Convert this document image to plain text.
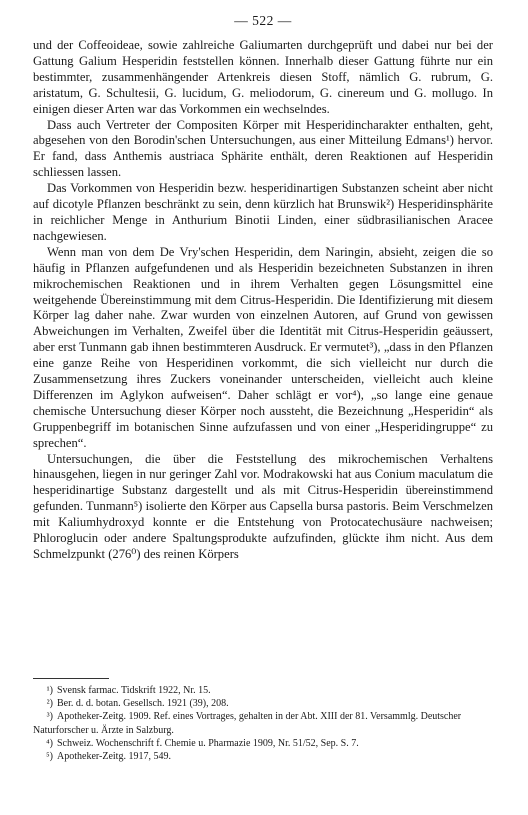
— 522 —

und der Coffeoideae, sowie zahlreiche Galiumarten durchgeprüft und dabei nur bei der Gattung Galium Hesperidin feststellen können. Innerhalb dieser Gattung führte nur ein bestimmter, zusammenhängender Artenkreis diesen Stoff, nämlich G. rubrum, G. aristatum, G. Schultesii, G. lucidum, G. meliodorum, G. cinereum und G. mollugo. In einigen dieser Arten war das Vorkommen ein wechselndes.

Dass auch Vertreter der Compositen Körper mit Hesperidincharakter enthalten, geht, abgesehen von den Borodin'schen Untersuchungen, aus einer Mitteilung Edmans¹) hervor. Er fand, dass Anthemis austriaca Sphärite enthält, deren Reaktionen auf Hesperidin schliessen lassen.

Das Vorkommen von Hesperidin bezw. hesperidinartigen Substanzen scheint aber nicht auf dicotyle Pflanzen beschränkt zu sein, denn kürzlich hat Brunswik²) Hesperidinsphärite in reichlicher Menge in Anthurium Binotii Linden, einer südbrasilianischen Aracee nachgewiesen.

Wenn man von dem De Vry'schen Hesperidin, dem Naringin, absieht, zeigen die so häufig in Pflanzen aufgefundenen und als Hesperidin bezeichneten Substanzen in ihren mikrochemischen Reaktionen und in ihrem Verhalten gegen Lösungsmittel eine weitgehende Übereinstimmung mit dem Citrus-Hesperidin. Die Identifizierung mit diesem Körper lag daher nahe. Zwar wurden von einzelnen Autoren, auf Grund von gewissen Abweichungen im Verhalten, Zweifel über die Identität mit Citrus-Hesperidin geäussert, aber erst Tunmann gab ihnen bestimmteren Ausdruck. Er vermutet³), „dass in den Pflanzen eine ganze Reihe von Hesperidinen vorkommt, die sich vielleicht nur durch die Zusammensetzung ihres Zuckers voneinander unterscheiden, vielleicht auch kleine Differenzen im Aglykon aufweisen“. Daher schlägt er vor⁴), „so lange eine genaue chemische Untersuchung dieser Körper noch aussteht, die Bezeichnung „Hesperidin“ als Gruppenbegriff im botanischen Sinne aufzufassen und von einer „Hesperidingruppe“ zu sprechen“.

Untersuchungen, die über die Feststellung des mikrochemischen Verhaltens hinausgehen, liegen in nur geringer Zahl vor. Modrakowski hat aus Conium maculatum die hesperidinartige Substanz dargestellt und als mit Citrus-Hesperidin übereinstimmend gefunden. Tunmann⁵) isolierte den Körper aus Capsella bursa pastoris. Beim Verschmelzen mit Kaliumhydroxyd konnte er die Entstehung von Protocatechusäure nachweisen; Phloroglucin oder andere Spaltungsprodukte aufzufinden, glückte ihm nicht. Aus dem Schmelzpunkt (276⁰) des reinen Körpers

¹) Svensk farmac. Tidskrift 1922, Nr. 15.

²) Ber. d. d. botan. Gesellsch. 1921 (39), 208.

³) Apotheker-Zeitg. 1909. Ref. eines Vortrages, gehalten in der Abt. XIII der 81. Versammlg. Deutscher Naturforscher u. Ärzte in Salzburg.

⁴) Schweiz. Wochenschrift f. Chemie u. Pharmazie 1909, Nr. 51/52, Sep. S. 7.

⁵) Apotheker-Zeitg. 1917, 549.
